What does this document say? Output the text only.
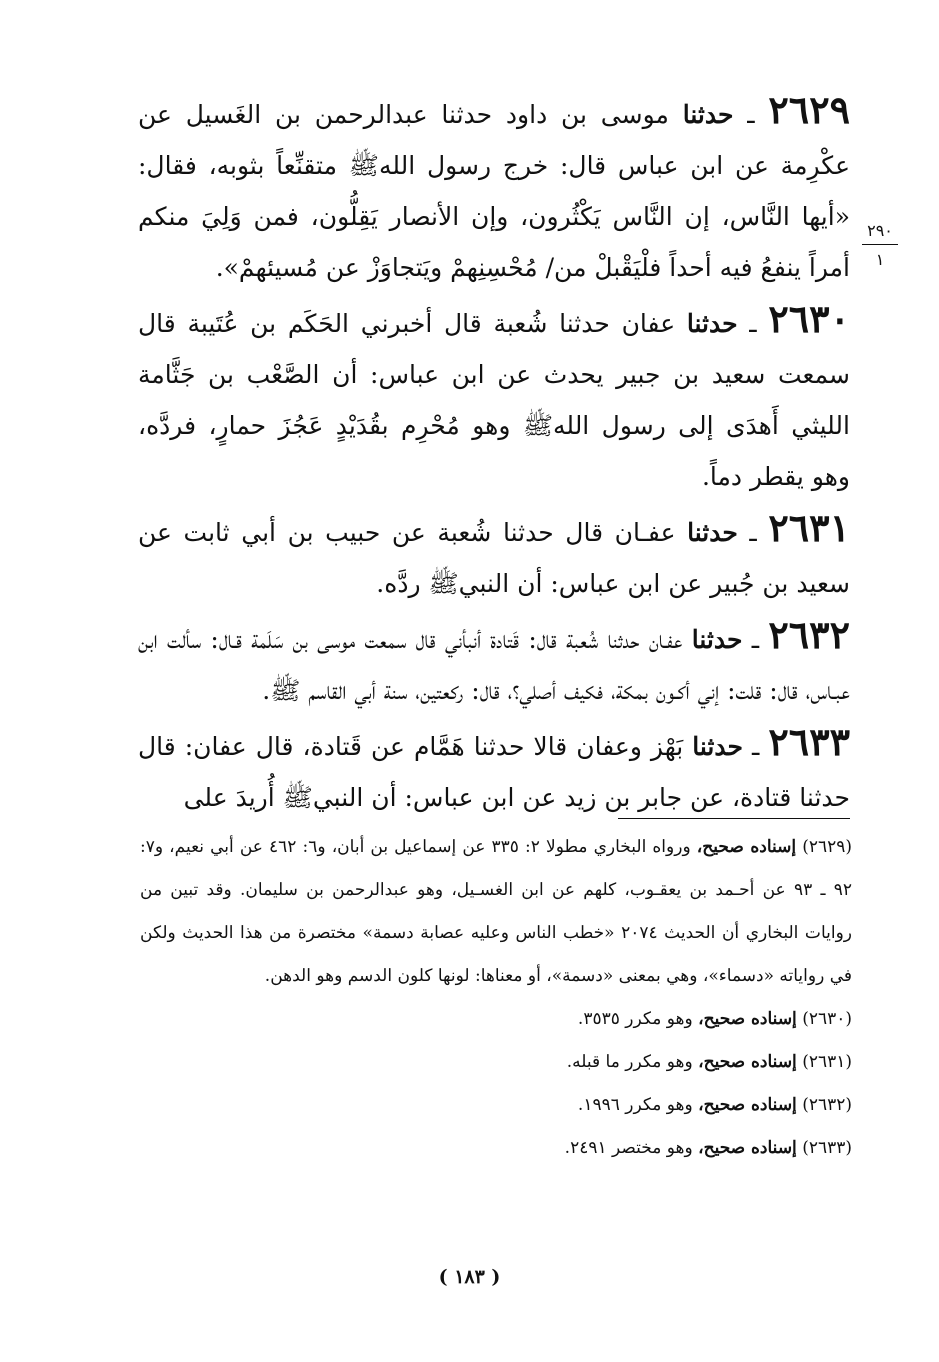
٢٩٠
١

٢٦٢٩ ـ حدثنا موسى بن داود حدثنا عبدالرحمن بن الغَسيل عن عكْرِمة عن ابن عباس قال: خرج رسول اللهﷺ متقنِّعاً بثوبه، فقال: «أيها النَّاس، إن النَّاس يَكْثُرون، وإن الأنصار يَقِلُّون، فمن وَلِيَ منكم أمراً ينفعُ فيه أحداً فلْيَقْبلْ من/ مُحْسِنِهمْ ويَتجاوَزْ عن مُسيئهمْ».

٢٦٣٠ ـ حدثنا عفان حدثنا شُعبة قال أخبرني الحَكَم بن عُتَيبة قال سمعت سعيد بن جبير يحدث عن ابن عباس: أن الصَّعْب بن جَثَّامة الليثي أَهدَى إلى رسول اللهﷺ وهو مُحْرِم بقُدَيْدٍ عَجُزَ حمارٍ، فردَّه، وهو يقطر دماً.

٢٦٣١ ـ حدثنا عفـان قال حدثنا شُعبة عن حبيب بن أبي ثابت عن سعيد بن جُبير عن ابن عباس: أن النبيﷺ ردَّه.

٢٦٣٢ ـ حدثنا عفـان حدثنا شُعبة قال: قَتادة أنبأني قال سمعت موسى بن سَلَمة قـال: سألت ابن عبـاس، قال: قلت: إني أكـون بمكة، فكيف أصلي؟، قال: ركعتين، سنة أبي القاسم ﷺ.

٢٦٣٣ ـ حدثنا بَهْز وعفان قالا حدثنا هَمَّام عن قَتادة، قال عفان: قال حدثنا قتادة، عن جابر بن زيد عن ابن عباس: أن النبيﷺ أُريدَ على

(٢٦٢٩) إسناده صحيح، ورواه البخاري مطولا ٢: ٣٣٥ عن إسماعيل بن أبان، و٦: ٤٦٢ عن أبي نعيم، و٧: ٩٢ ـ ٩٣ عن أحـمد بن يعقـوب، كلهم عن ابن الغسـيل، وهو عبدالرحمن بن سليمان. وقد تبين من روايات البخاري أن الحديث ٢٠٧٤ «خطب الناس وعليه عصابة دسمة» مختصرة من هذا الحديث ولكن في رواياته «دسماء»، وهي بمعنى «دسمة»، أو معناها: لونها كلون الدسم وهو الدهن.

(٢٦٣٠) إسناده صحيح، وهو مكرر ٣٥٣٥.

(٢٦٣١) إسناده صحيح، وهو مكرر ما قبله.

(٢٦٣٢) إسناده صحيح، وهو مكرر ١٩٩٦.

(٢٦٣٣) إسناده صحيح، وهو مختصر ٢٤٩١.

( ١٨٣ )
